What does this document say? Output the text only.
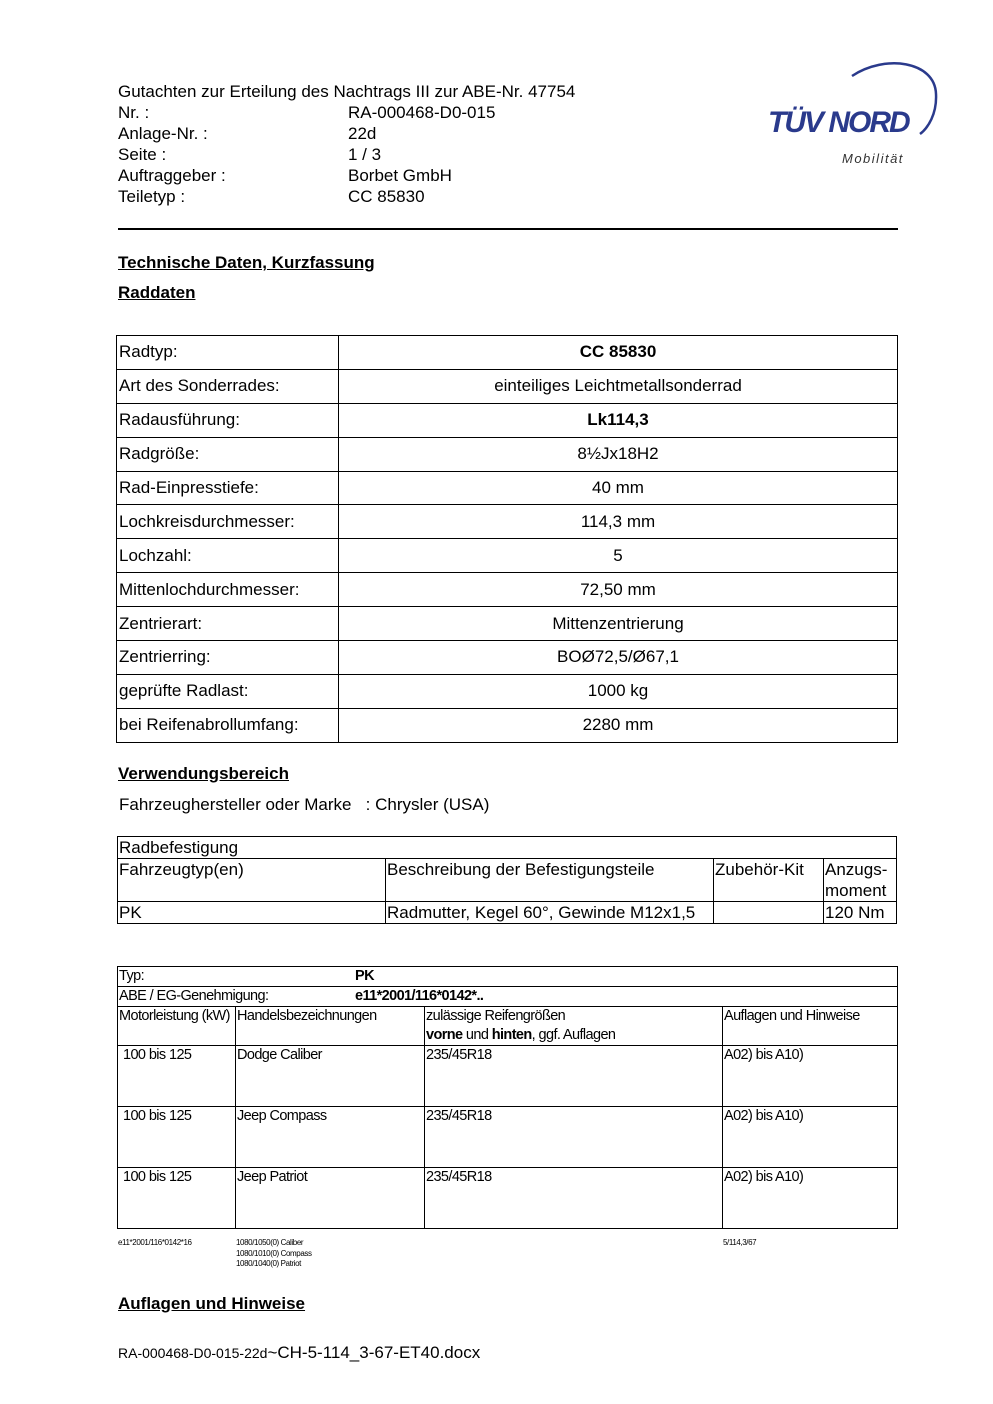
Gutachten zur Erteilung des Nachtrags III zur ABE-Nr. 47754
Nr. :	RA-000468-D0-015
Anlage-Nr. :	22d
Seite :	1 / 3
Auftraggeber :	Borbet GmbH
Teiletyp :	CC 85830
TÜV NORD
Mobilität
Technische Daten, Kurzfassung
Raddaten
Radtyp:	CC 85830
Art des Sonderrades:	einteiliges Leichtmetallsonderrad
Radausführung:	Lk114,3
Radgröße:	8½Jx18H2
Rad-Einpresstiefe:	40 mm
Lochkreisdurchmesser:	114,3 mm
Lochzahl:	5
Mittenlochdurchmesser:	72,50 mm
Zentrierart:	Mittenzentrierung
Zentrierring:	BOØ72,5/Ø67,1
geprüfte Radlast:	1000 kg
bei Reifenabrollumfang:	2280 mm
Verwendungsbereich
Fahrzeughersteller oder Marke : Chrysler (USA)
Radbefestigung			
Fahrzeugtyp(en)	Beschreibung der Befestigungsteile	Zubehör-Kit	Anzugs-moment
PK	Radmutter, Kegel 60°, Gewinde M12x1,5		120 Nm
Typ: PK			

ABE / EG-Genehmigung: e11*2001/116*0142*..			

Motorleistung (kW)	Handelsbezeichnungen	zulässige Reifengrößen
vorne und hinten, ggf. Auflagen	Auflagen und Hinweise
100 bis 125	Dodge Caliber	235/45R18	A02) bis A10)
100 bis 125	Jeep Compass	235/45R18	A02) bis A10)
100 bis 125	Jeep Patriot	235/45R18	A02) bis A10)
e11*2001/116*0142*16	1080/1050(0) Caliber
1080/1010(0) Compass
1080/1040(0) Patriot
5/114,3/67
Auflagen und Hinweise
RA-000468-D0-015-22d~CH-5-114_3-67-ET40.docx
